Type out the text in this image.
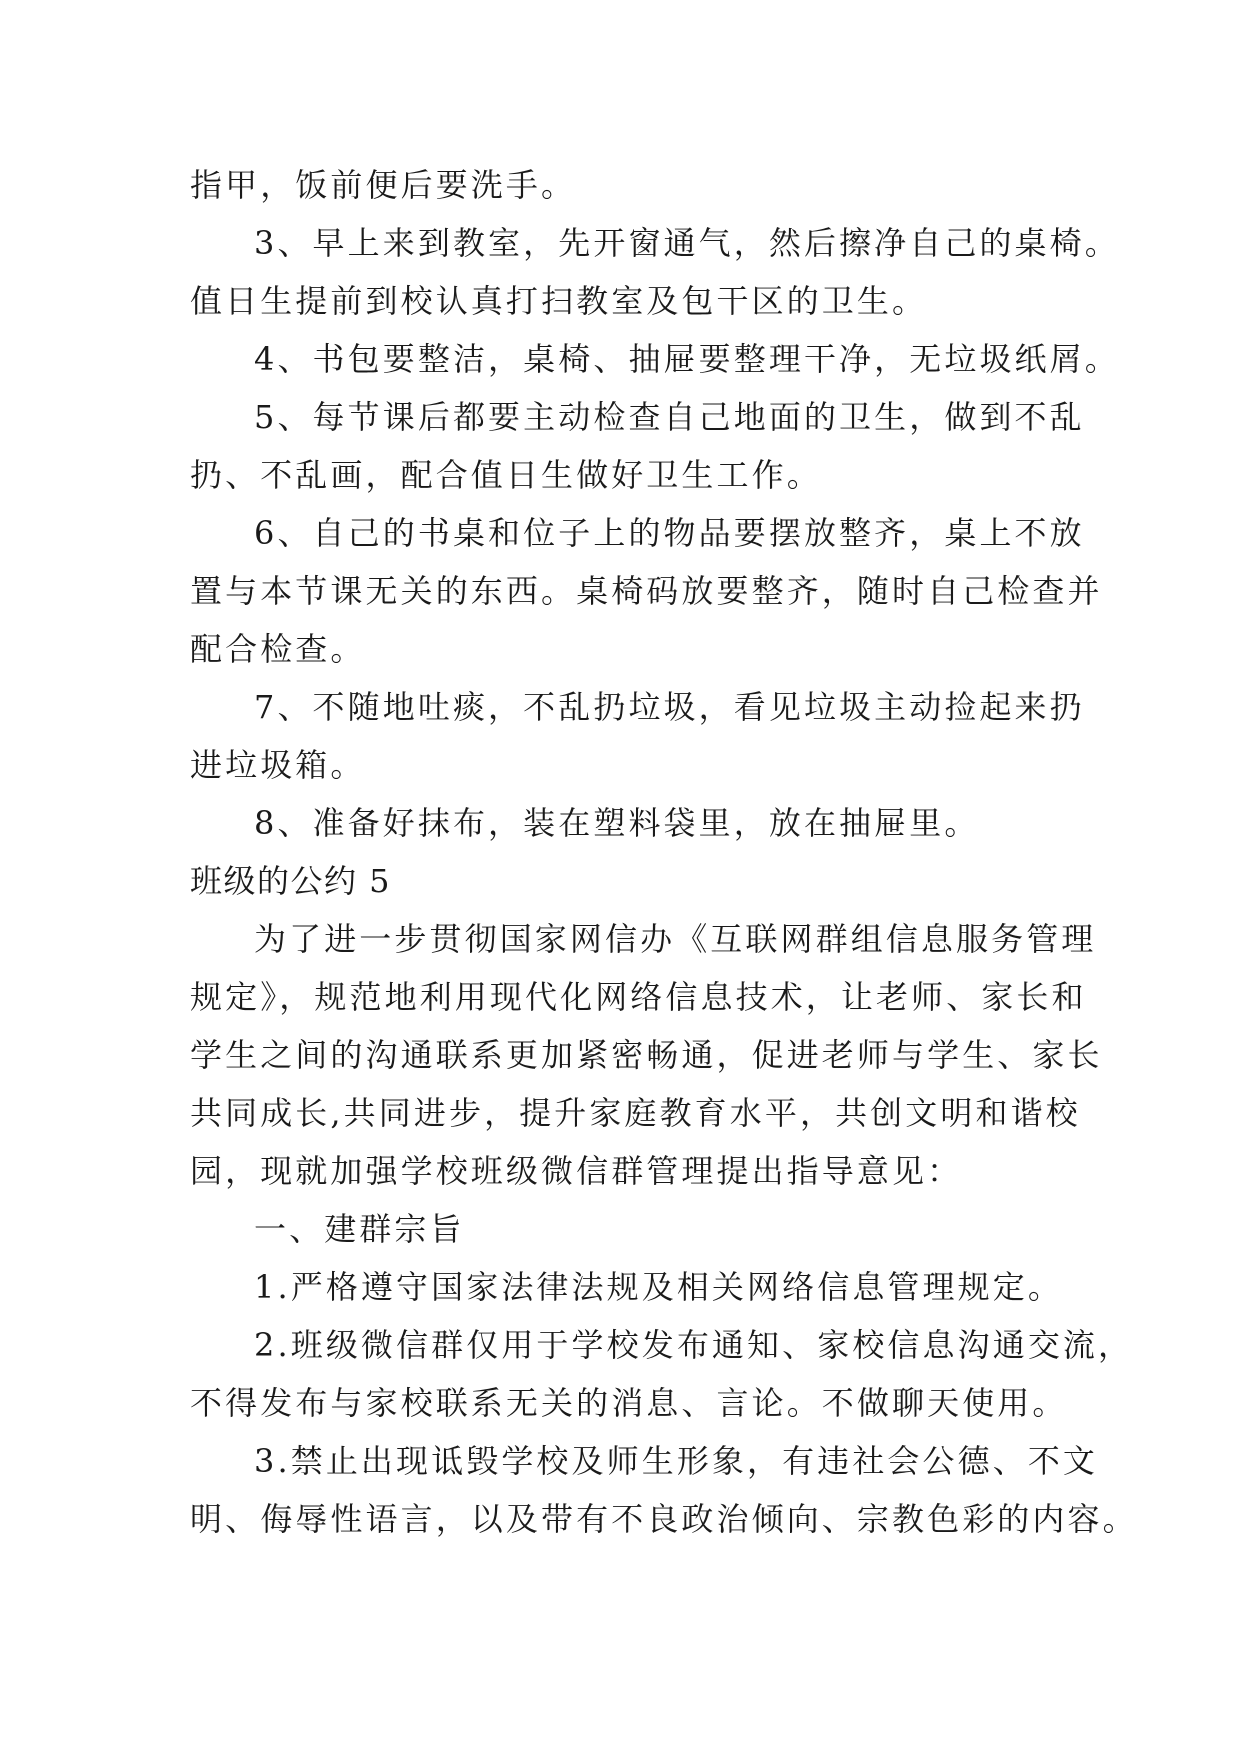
指甲，饭前便后要洗手。
3、早上来到教室，先开窗通气，然后擦净自己的桌椅。
值日生提前到校认真打扫教室及包干区的卫生。
4、书包要整洁，桌椅、抽屉要整理干净，无垃圾纸屑。
5、每节课后都要主动检查自己地面的卫生，做到不乱
扔、不乱画，配合值日生做好卫生工作。
6、自己的书桌和位子上的物品要摆放整齐，桌上不放
置与本节课无关的东西。桌椅码放要整齐，随时自己检查并
配合检查。
7、不随地吐痰，不乱扔垃圾，看见垃圾主动捡起来扔
进垃圾箱。
8、准备好抹布，装在塑料袋里，放在抽屉里。
班级的公约 5
为了进一步贯彻国家网信办《互联网群组信息服务管理
规定》，规范地利用现代化网络信息技术，让老师、家长和
学生之间的沟通联系更加紧密畅通，促进老师与学生、家长
共同成长,共同进步，提升家庭教育水平，共创文明和谐校
园，现就加强学校班级微信群管理提出指导意见：
一、建群宗旨
1.严格遵守国家法律法规及相关网络信息管理规定。
2.班级微信群仅用于学校发布通知、家校信息沟通交流，
不得发布与家校联系无关的消息、言论。不做聊天使用。
3.禁止出现诋毁学校及师生形象，有违社会公德、不文
明、侮辱性语言，以及带有不良政治倾向、宗教色彩的内容。
